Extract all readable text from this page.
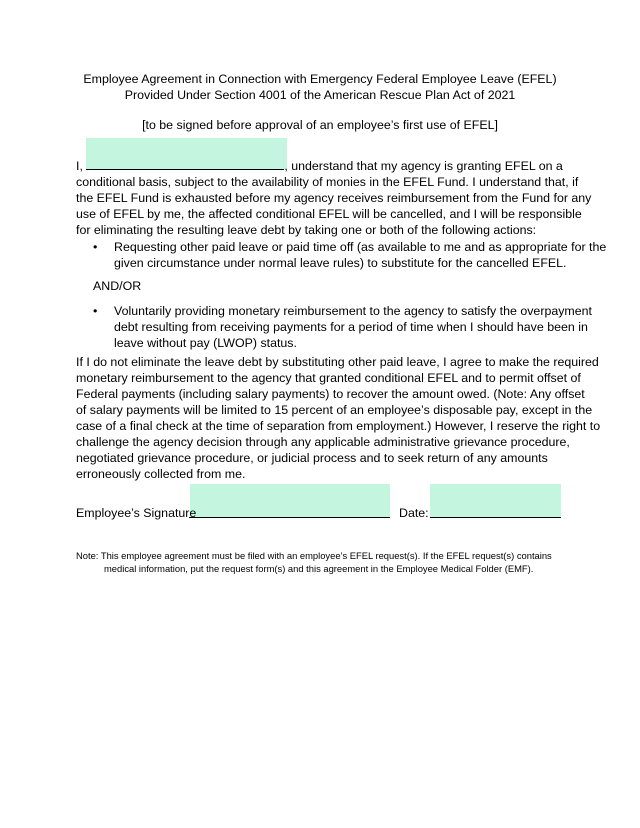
Employee Agreement in Connection with Emergency Federal Employee Leave (EFEL)
Provided Under Section 4001 of the American Rescue Plan Act of 2021
[to be signed before approval of an employee’s first use of EFEL]
I,	, understand that my agency is granting EFEL on a
conditional basis, subject to the availability of monies in the EFEL Fund. I understand that, if
the EFEL Fund is exhausted before my agency receives reimbursement from the Fund for any
use of EFEL by me, the affected conditional EFEL will be cancelled, and I will be responsible
for eliminating the resulting leave debt by taking one or both of the following actions:
•	Requesting other paid leave or paid time off (as available to me and as appropriate for the
given circumstance under normal leave rules) to substitute for the cancelled EFEL.
AND/OR
•	Voluntarily providing monetary reimbursement to the agency to satisfy the overpayment
debt resulting from receiving payments for a period of time when I should have been in
leave without pay (LWOP) status.
If I do not eliminate the leave debt by substituting other paid leave, I agree to make the required
monetary reimbursement to the agency that granted conditional EFEL and to permit offset of
Federal payments (including salary payments) to recover the amount owed. (Note: Any offset
of salary payments will be limited to 15 percent of an employee’s disposable pay, except in the
case of a final check at the time of separation from employment.) However, I reserve the right to
challenge the agency decision through any applicable administrative grievance procedure,
negotiated grievance procedure, or judicial process and to seek return of any amounts
erroneously collected from me.
Employee’s Signature	Date:
Note: This employee agreement must be filed with an employee’s EFEL request(s). If the EFEL request(s) contains
medical information, put the request form(s) and this agreement in the Employee Medical Folder (EMF).
